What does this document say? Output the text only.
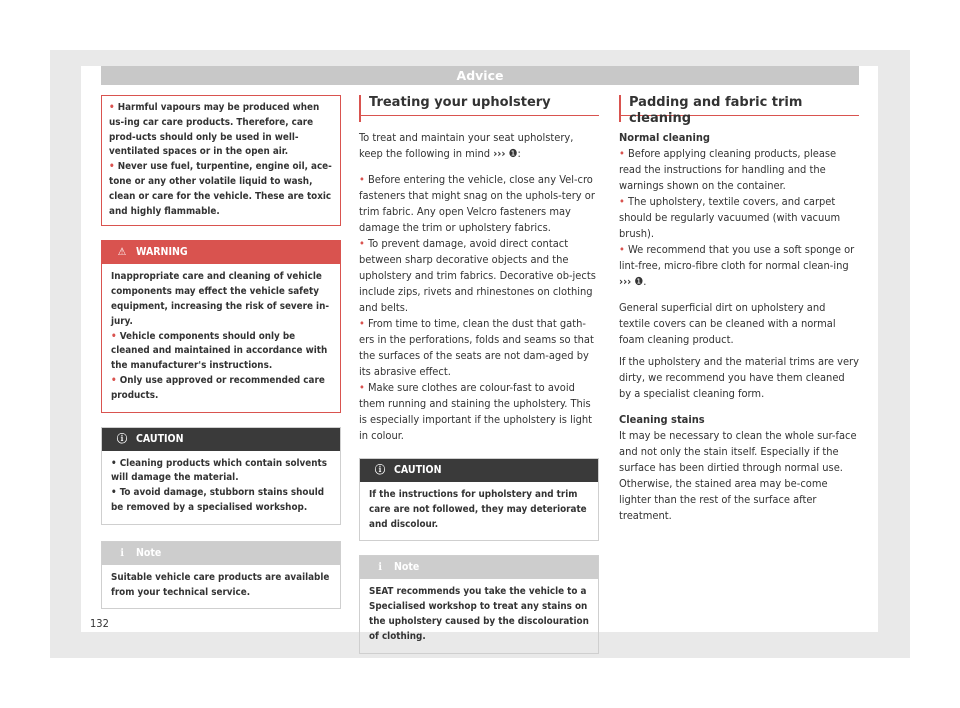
Advice

• Harmful vapours may be produced when us-ing car care products. Therefore, care prod-ucts should only be used in well-ventilated spaces or in the open air.

• Never use fuel, turpentine, engine oil, ace-tone or any other volatile liquid to wash, clean or care for the vehicle. These are toxic and highly flammable.

⚠ WARNING

Inappropriate care and cleaning of vehicle components may effect the vehicle safety equipment, increasing the risk of severe in-jury.

• Vehicle components should only be cleaned and maintained in accordance with the manufacturer's instructions.

• Only use approved or recommended care products.

ⓘ CAUTION

• Cleaning products which contain solvents will damage the material.

• To avoid damage, stubborn stains should be removed by a specialised workshop.

ℹ	Note
Suitable vehicle care products are available from your technical service.
Treating your upholstery

To treat and maintain your seat upholstery, keep the following in mind ››› ❶:

• Before entering the vehicle, close any Vel-cro fasteners that might snag on the uphols-tery or trim fabric. Any open Velcro fasteners may damage the trim or upholstery fabrics.

• To prevent damage, avoid direct contact between sharp decorative objects and the upholstery and trim fabrics. Decorative ob-jects include zips, rivets and rhinestones on clothing and belts.

• From time to time, clean the dust that gath-ers in the perforations, folds and seams so that the surfaces of the seats are not dam-aged by its abrasive effect.

• Make sure clothes are colour-fast to avoid them running and staining the upholstery. This is especially important if the upholstery is light in colour.

ⓘ CAUTION
If the instructions for upholstery and trim care are not followed, they may deteriorate and discolour.
ℹ	Note
SEAT recommends you take the vehicle to a Specialised workshop to treat any stains on the upholstery caused by the discolouration of clothing.
Padding and fabric trim cleaning

Normal cleaning

• Before applying cleaning products, please read the instructions for handling and the warnings shown on the container.

• The upholstery, textile covers, and carpet should be regularly vacuumed (with vacuum brush).

• We recommend that you use a soft sponge or lint-free, micro-fibre cloth for normal clean-ing ››› ❶.

General superficial dirt on upholstery and textile covers can be cleaned with a normal foam cleaning product.

If the upholstery and the material trims are very dirty, we recommend you have them cleaned by a specialist cleaning form.

Cleaning stains

It may be necessary to clean the whole sur-face and not only the stain itself. Especially if the surface has been dirtied through normal use. Otherwise, the stained area may be-come lighter than the rest of the surface after treatment.

132
